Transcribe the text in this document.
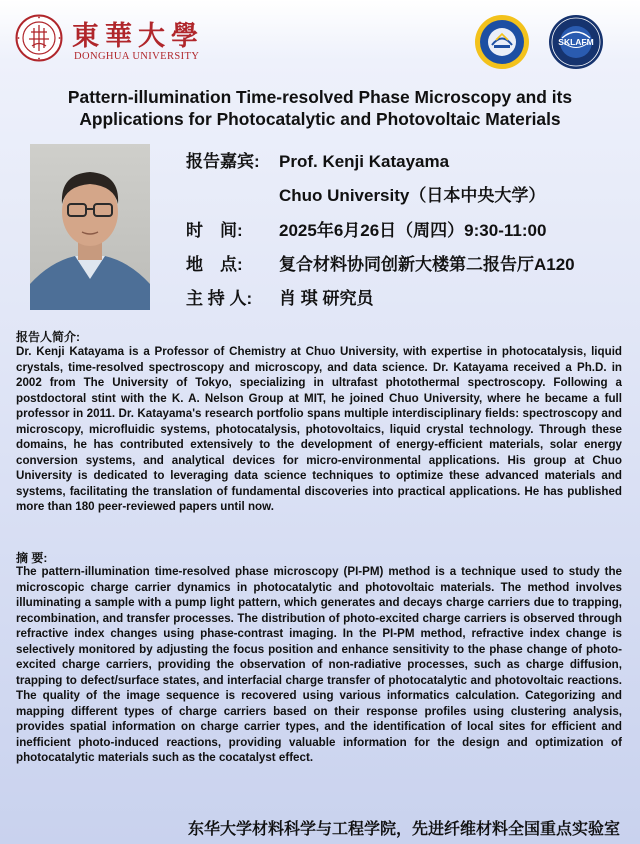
東華大學
DONGHUA UNIVERSITY
SKLAFM
Pattern-illumination Time-resolved Phase Microscopy and its Applications for Photocatalytic and Photovoltaic Materials
报告嘉宾: Prof. Kenji Katayama
Chuo University（日本中央大学）
时　间: 2025年6月26日（周四）9:30-11:00
地　点: 复合材料协同创新大楼第二报告厅A120
主 持 人: 肖 琪 研究员
报告人简介:
Dr. Kenji Katayama is a Professor of Chemistry at Chuo University, with expertise in photocatalysis, liquid crystals, time-resolved spectroscopy and microscopy, and data science. Dr. Katayama received a Ph.D. in 2002 from The University of Tokyo, specializing in ultrafast photothermal spectroscopy. Following a postdoctoral stint with the K. A. Nelson Group at MIT, he joined Chuo University, where he became a full professor in 2011. Dr. Katayama's research portfolio spans multiple interdisciplinary fields: spectroscopy and microscopy, microfluidic systems, photocatalysis, photovoltaics, liquid crystal technology. Through these domains, he has contributed extensively to the development of energy-efficient materials, solar energy conversion systems, and analytical devices for micro-environmental applications. His group at Chuo University is dedicated to leveraging data science techniques to optimize these advanced materials and systems, facilitating the translation of fundamental discoveries into practical applications. He has published more than 180 peer-reviewed papers until now.
摘 要:
The pattern-illumination time-resolved phase microscopy (PI-PM) method is a technique used to study the microscopic charge carrier dynamics in photocatalytic and photovoltaic materials. The method involves illuminating a sample with a pump light pattern, which generates and decays charge carriers due to trapping, recombination, and transfer processes. The distribution of photo-excited charge carriers is observed through refractive index changes using phase-contrast imaging. In the PI-PM method, refractive index change is selectively monitored by adjusting the focus position and enhance sensitivity to the phase change of photo-excited charge carriers, providing the observation of non-radiative processes, such as charge diffusion, trapping to defect/surface states, and interfacial charge transfer of photocatalytic and photovoltaic reactions. The quality of the image sequence is recovered using various informatics calculation. Categorizing and mapping different types of charge carriers based on their response profiles using clustering analysis, provides spatial information on charge carrier types, and the identification of local sites for efficient and inefficient photo-induced reactions, providing valuable information for the design and optimization of photocatalytic materials such as the cocatalyst effect.
东华大学材料科学与工程学院，先进纤维材料全国重点实验室
